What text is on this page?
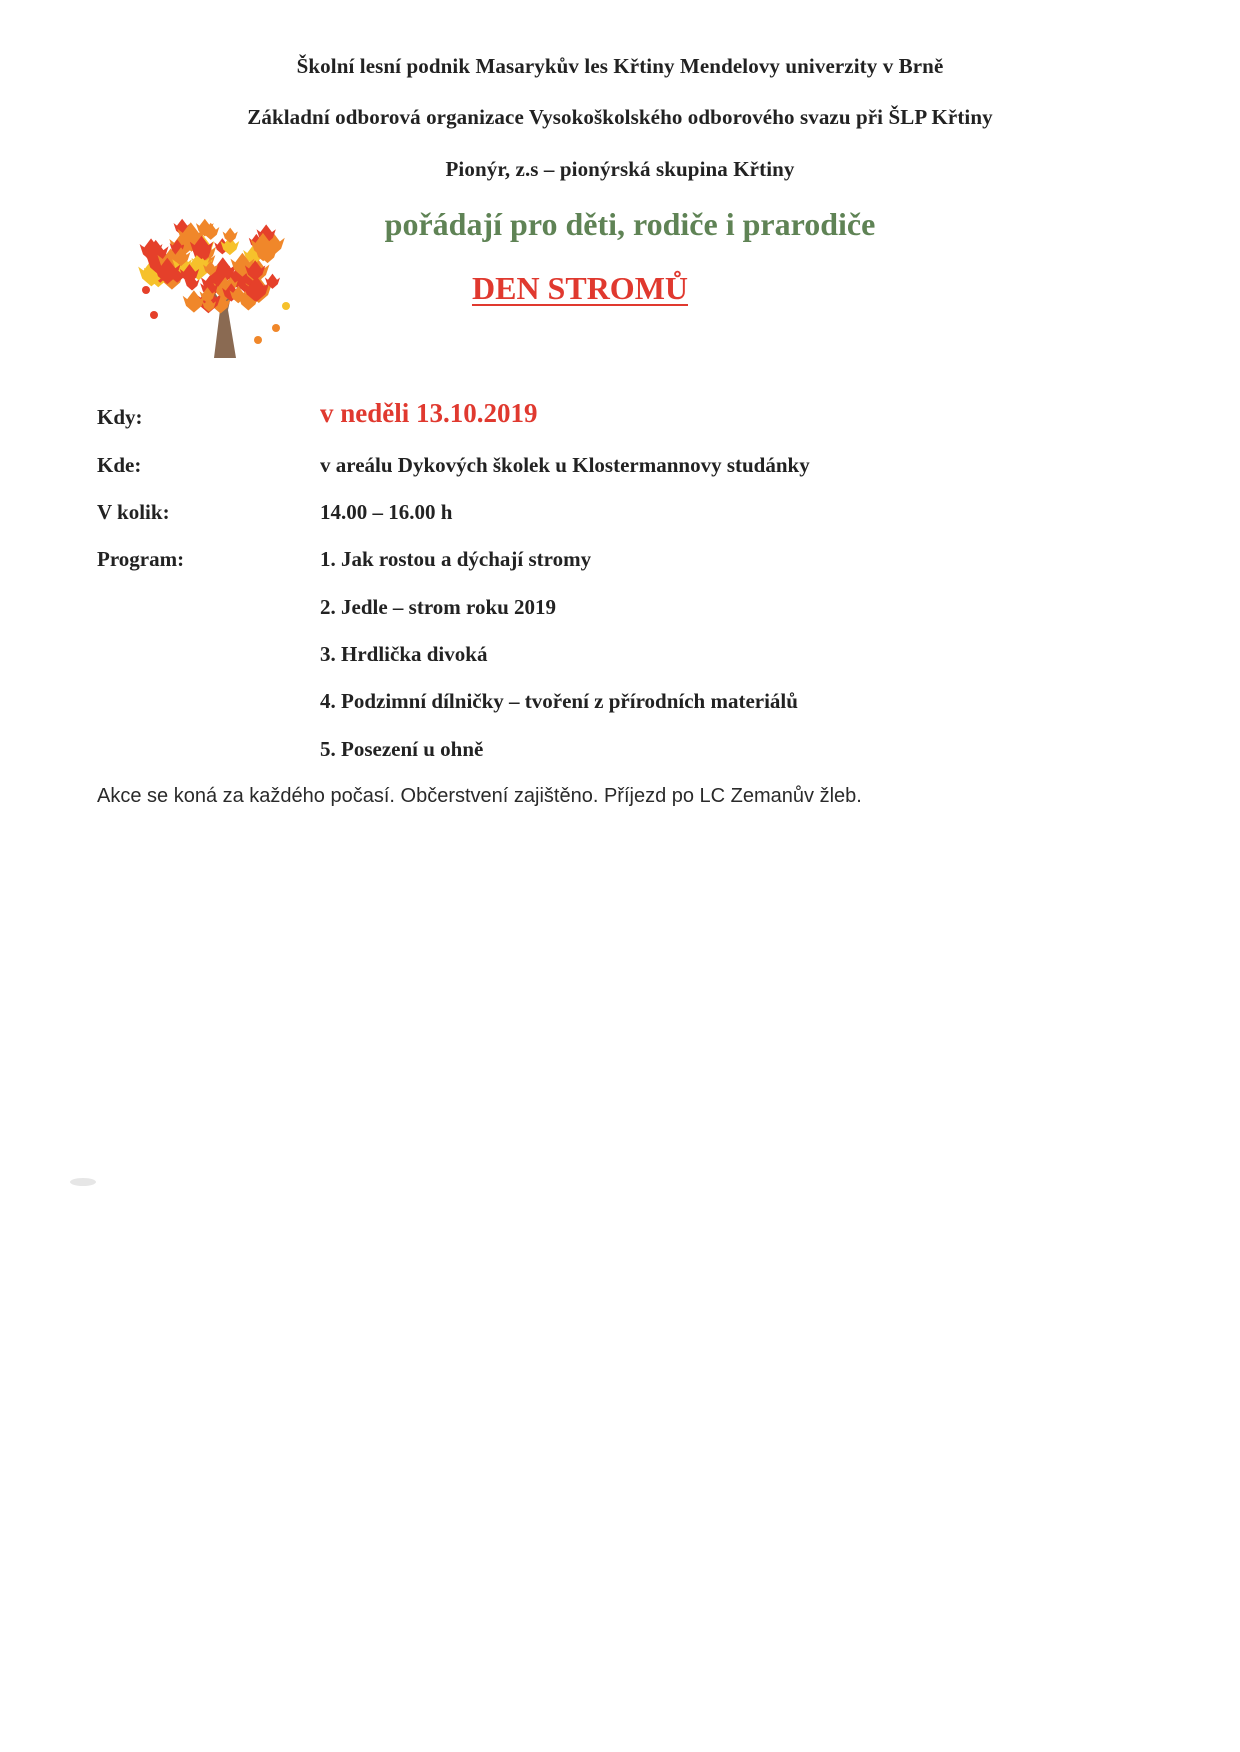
Školní lesní podnik Masarykův les Křtiny Mendelovy univerzity v Brně
Základní odborová organizace Vysokoškolského odborového svazu při ŠLP Křtiny
Pionýr, z.s – pionýrská skupina Křtiny
pořádají pro děti, rodiče i prarodiče
DEN STROMŮ
Kdy:	v neděli 13.10.2019
Kde:	v areálu Dykových školek u Klostermannovy studánky
V kolik:	14.00 – 16.00 h
Program:	1. Jak rostou a dýchají stromy
2. Jedle – strom roku 2019
3. Hrdlička divoká
4. Podzimní dílničky – tvoření z přírodních materiálů
5. Posezení u ohně
Akce se koná za každého počasí. Občerstvení zajištěno. Příjezd po LC Zemanův žleb.
